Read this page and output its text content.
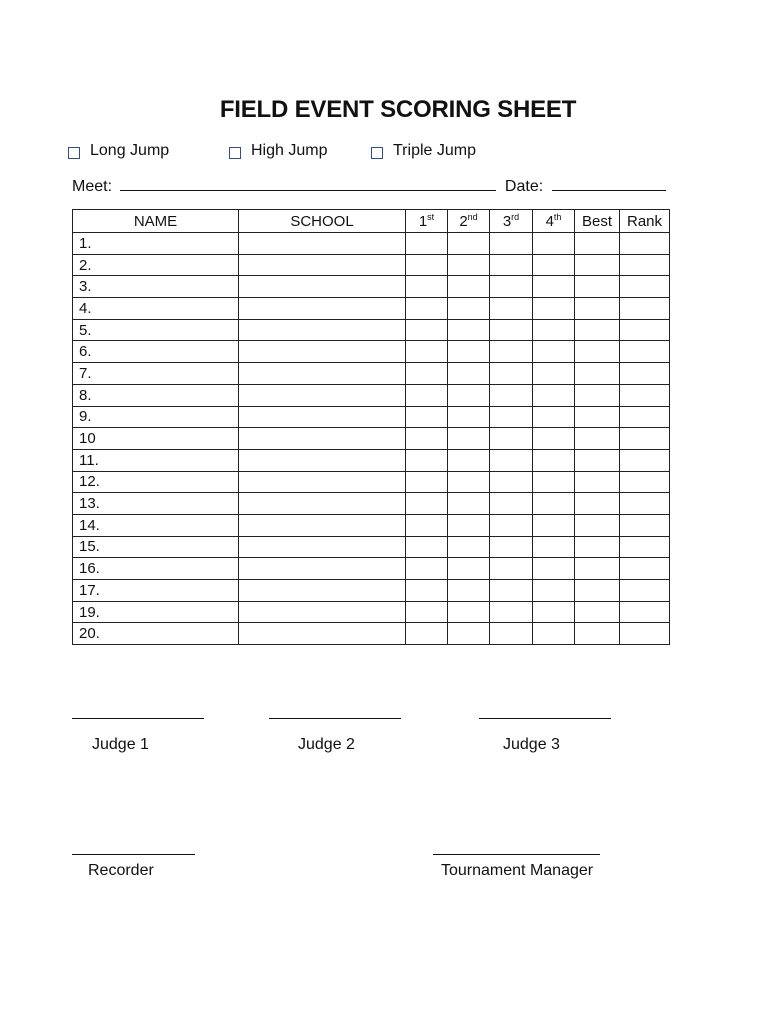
FIELD EVENT SCORING SHEET
Long Jump	High Jump	Triple Jump
Meet:	Date:
NAME	SCHOOL	1st	2nd	3rd	4th	Best	Rank
1.							
2.							
3.							
4.							
5.							
6.							
7.							
8.							
9.							
10							
11.							
12.							
13.							
14.							
15.							
16.							
17.							
19.							
20.							
Judge 1	Judge 2	Judge 3
Recorder	Tournament Manager
